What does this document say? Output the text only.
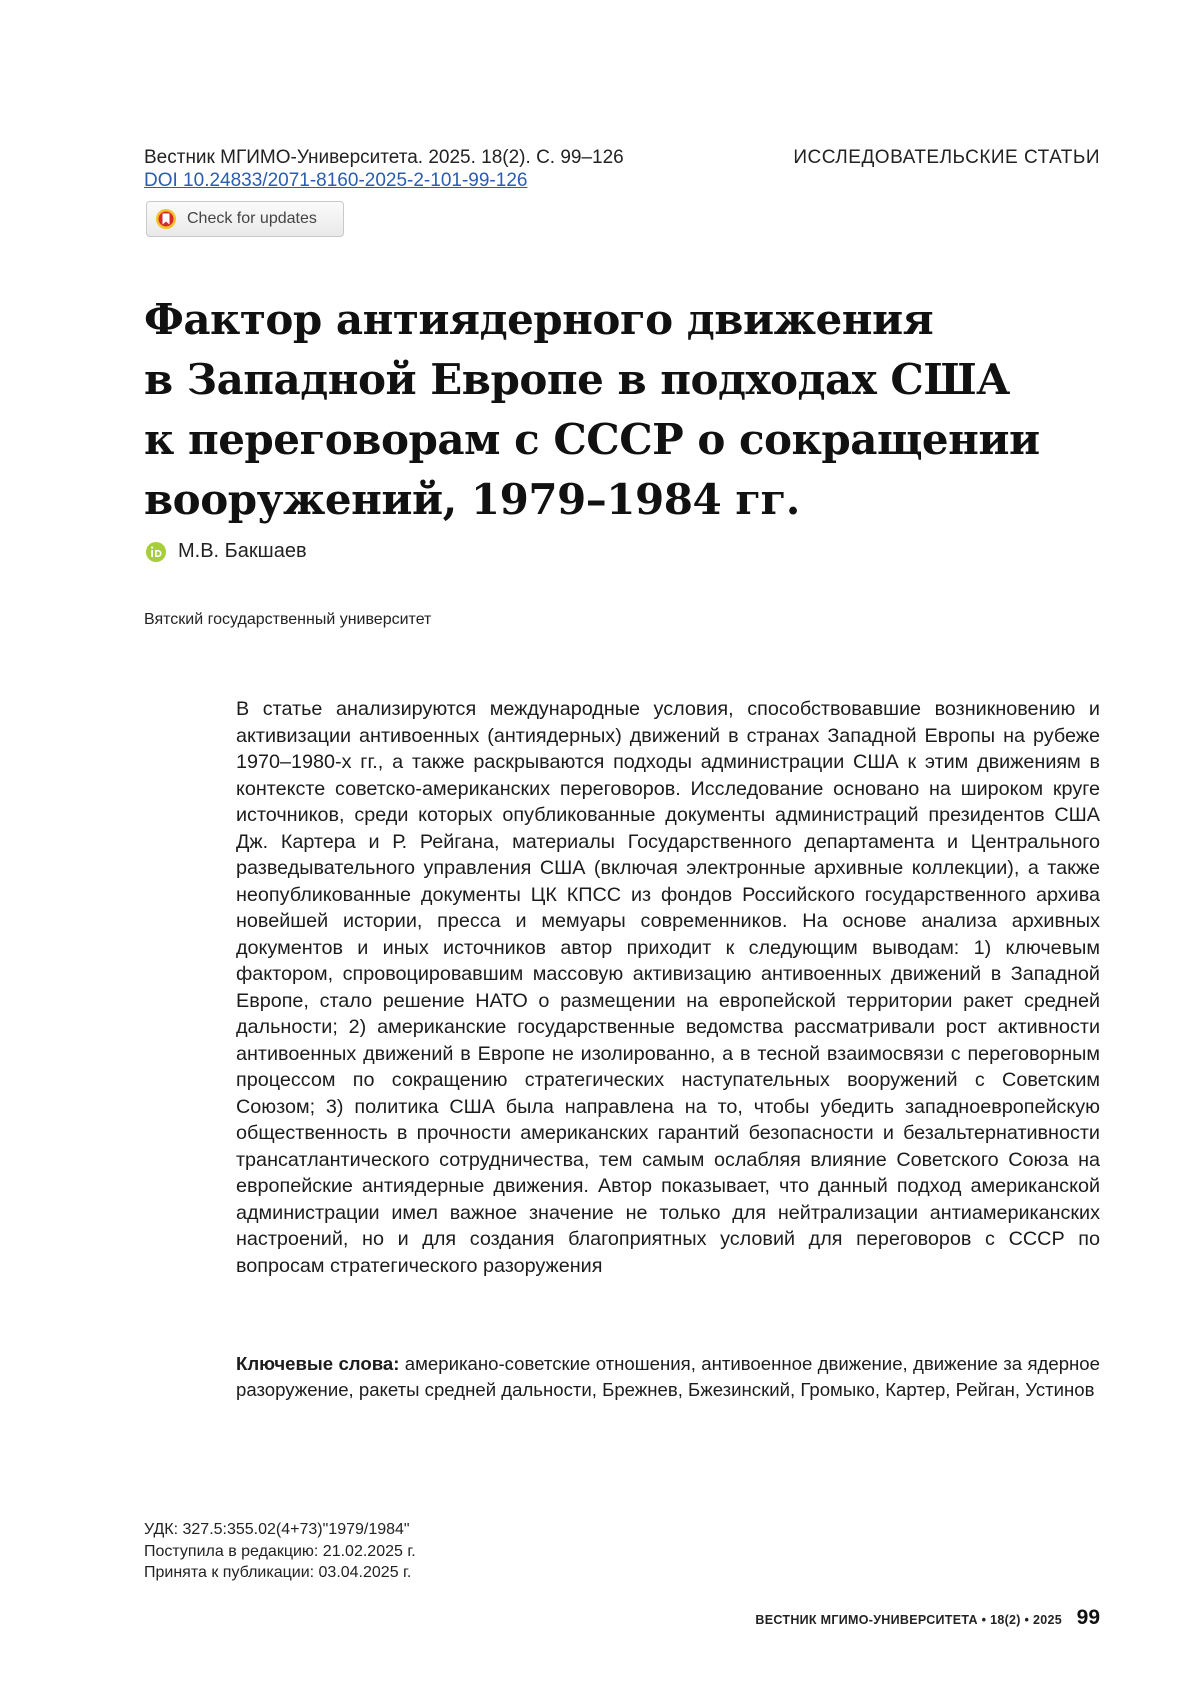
Вестник МГИМО-Университета. 2025. 18(2). С. 99–126
DOI 10.24833/2071-8160-2025-2-101-99-126
ИССЛЕДОВАТЕЛЬСКИЕ СТАТЬИ
Check for updates
Фактор антиядерного движения
в Западной Европе в подходах США
к переговорам с СССР о сокращении
вооружений, 1979–1984 гг.
М.В. Бакшаев
Вятский государственный университет

В статье анализируются международные условия, способствовавшие возникновению и активизации антивоенных (антиядерных) движений в странах Западной Европы на рубеже 1970–1980-х гг., а также раскрываются подходы администрации США к этим движениям в контексте советско-американских переговоров. Исследование основано на широком круге источников, среди которых опубликованные документы администраций президентов США Дж. Картера и Р. Рейгана, материалы Государственного департамента и Центрального разведывательного управления США (включая электронные архивные коллекции), а также неопубликованные документы ЦК КПСС из фондов Российского государственного архива новейшей истории, пресса и мемуары современников. На основе анализа архивных документов и иных источников автор приходит к следующим выводам: 1) ключевым фактором, спровоцировавшим массовую активизацию антивоенных движений в Западной Европе, стало решение НАТО о размещении на европейской территории ракет средней дальности; 2) американские государственные ведомства рассматривали рост активности антивоенных движений в Европе не изолированно, а в тесной взаимосвязи с переговорным процессом по сокращению стратегических наступательных вооружений с Советским Союзом; 3) политика США была направлена на то, чтобы убедить западноевропейскую общественность в прочности американских гарантий безопасности и безальтернативности трансатлантического сотрудничества, тем самым ослабляя влияние Советского Союза на европейские антиядерные движения. Автор показывает, что данный подход американской администрации имел важное значение не только для нейтрализации антиамериканских настроений, но и для создания благоприятных условий для переговоров с СССР по вопросам стратегического разоружения

Ключевые слова: американо-советские отношения, антивоенное движение, движение за ядерное разоружение, ракеты средней дальности, Брежнев, Бжезинский, Громыко, Картер, Рейган, Устинов

УДК: 327.5:355.02(4+73)"1979/1984"
Поступила в редакцию: 21.02.2025 г.
Принята к публикации: 03.04.2025 г.
ВЕСТНИК МГИМО-УНИВЕРСИТЕТА • 18(2) • 2025 99
